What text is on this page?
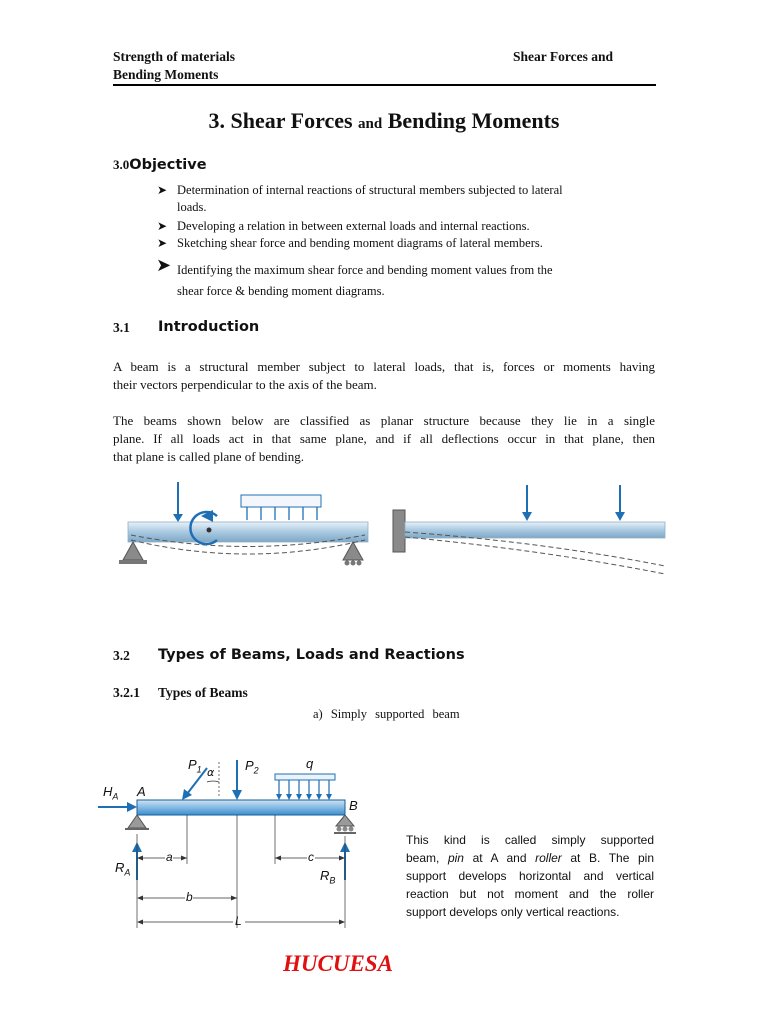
Strength of materials
Bending Moments
Shear Forces and
3. Shear Forces and Bending Moments
3.0Objective
➤ Determination of internal reactions of structural members subjected to lateral
loads.
➤ Developing a relation in between external loads and internal reactions.
➤ Sketching shear force and bending moment diagrams of lateral members.
➤ Identifying the maximum shear force and bending moment values from the
shear force & bending moment diagrams.
3.1 Introduction
A beam is a structural member subject to lateral loads, that is, forces or moments having
their vectors perpendicular to the axis of the beam.
The beams shown below are classified as planar structure because they lie in a single
plane. If all loads act in that same plane, and if all deflections occur in that plane, then
that plane is called plane of bending.
3.2 Types of Beams, Loads and Reactions
3.2.1 Types of Beams
a) Simply supported beam
$H_A$ A
B
$P_1$	$P_2$
α
q
$R_A$	$R_B$
a
b
c
L
This kind is called simply supported
beam, pin at A and roller at B. The pin
support develops horizontal and vertical
reaction but not moment and the roller
support develops only vertical reactions.
HUCUESA
